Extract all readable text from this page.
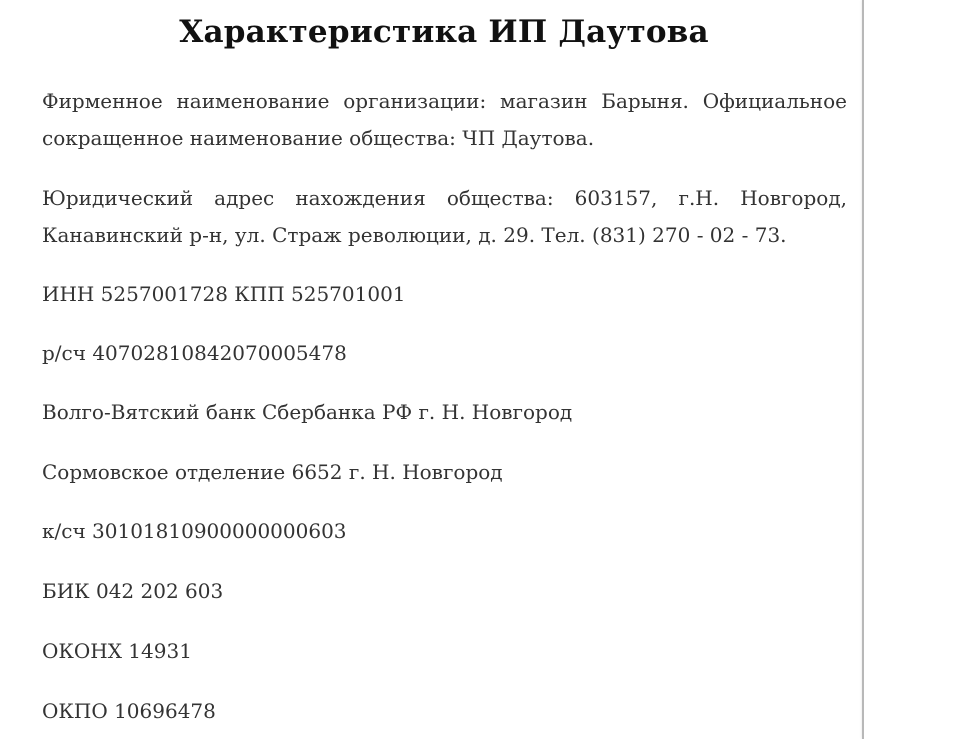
Характеристика ИП Даутова

Фирменное наименование организации: магазин Барыня. Официальное
сокращенное наименование общества: ЧП Даутова.

Юридический адрес нахождения общества: 603157, г.Н. Новгород,
Канавинский р-н, ул. Страж революции, д. 29. Тел. (831) 270 - 02 - 73.

ИНН 5257001728 КПП 525701001

р/сч 40702810842070005478

Волго-Вятский банк Сбербанка РФ г. Н. Новгород

Сормовское отделение 6652 г. Н. Новгород

к/сч 30101810900000000603

БИК 042 202 603

ОКОНХ 14931

ОКПО 10696478
